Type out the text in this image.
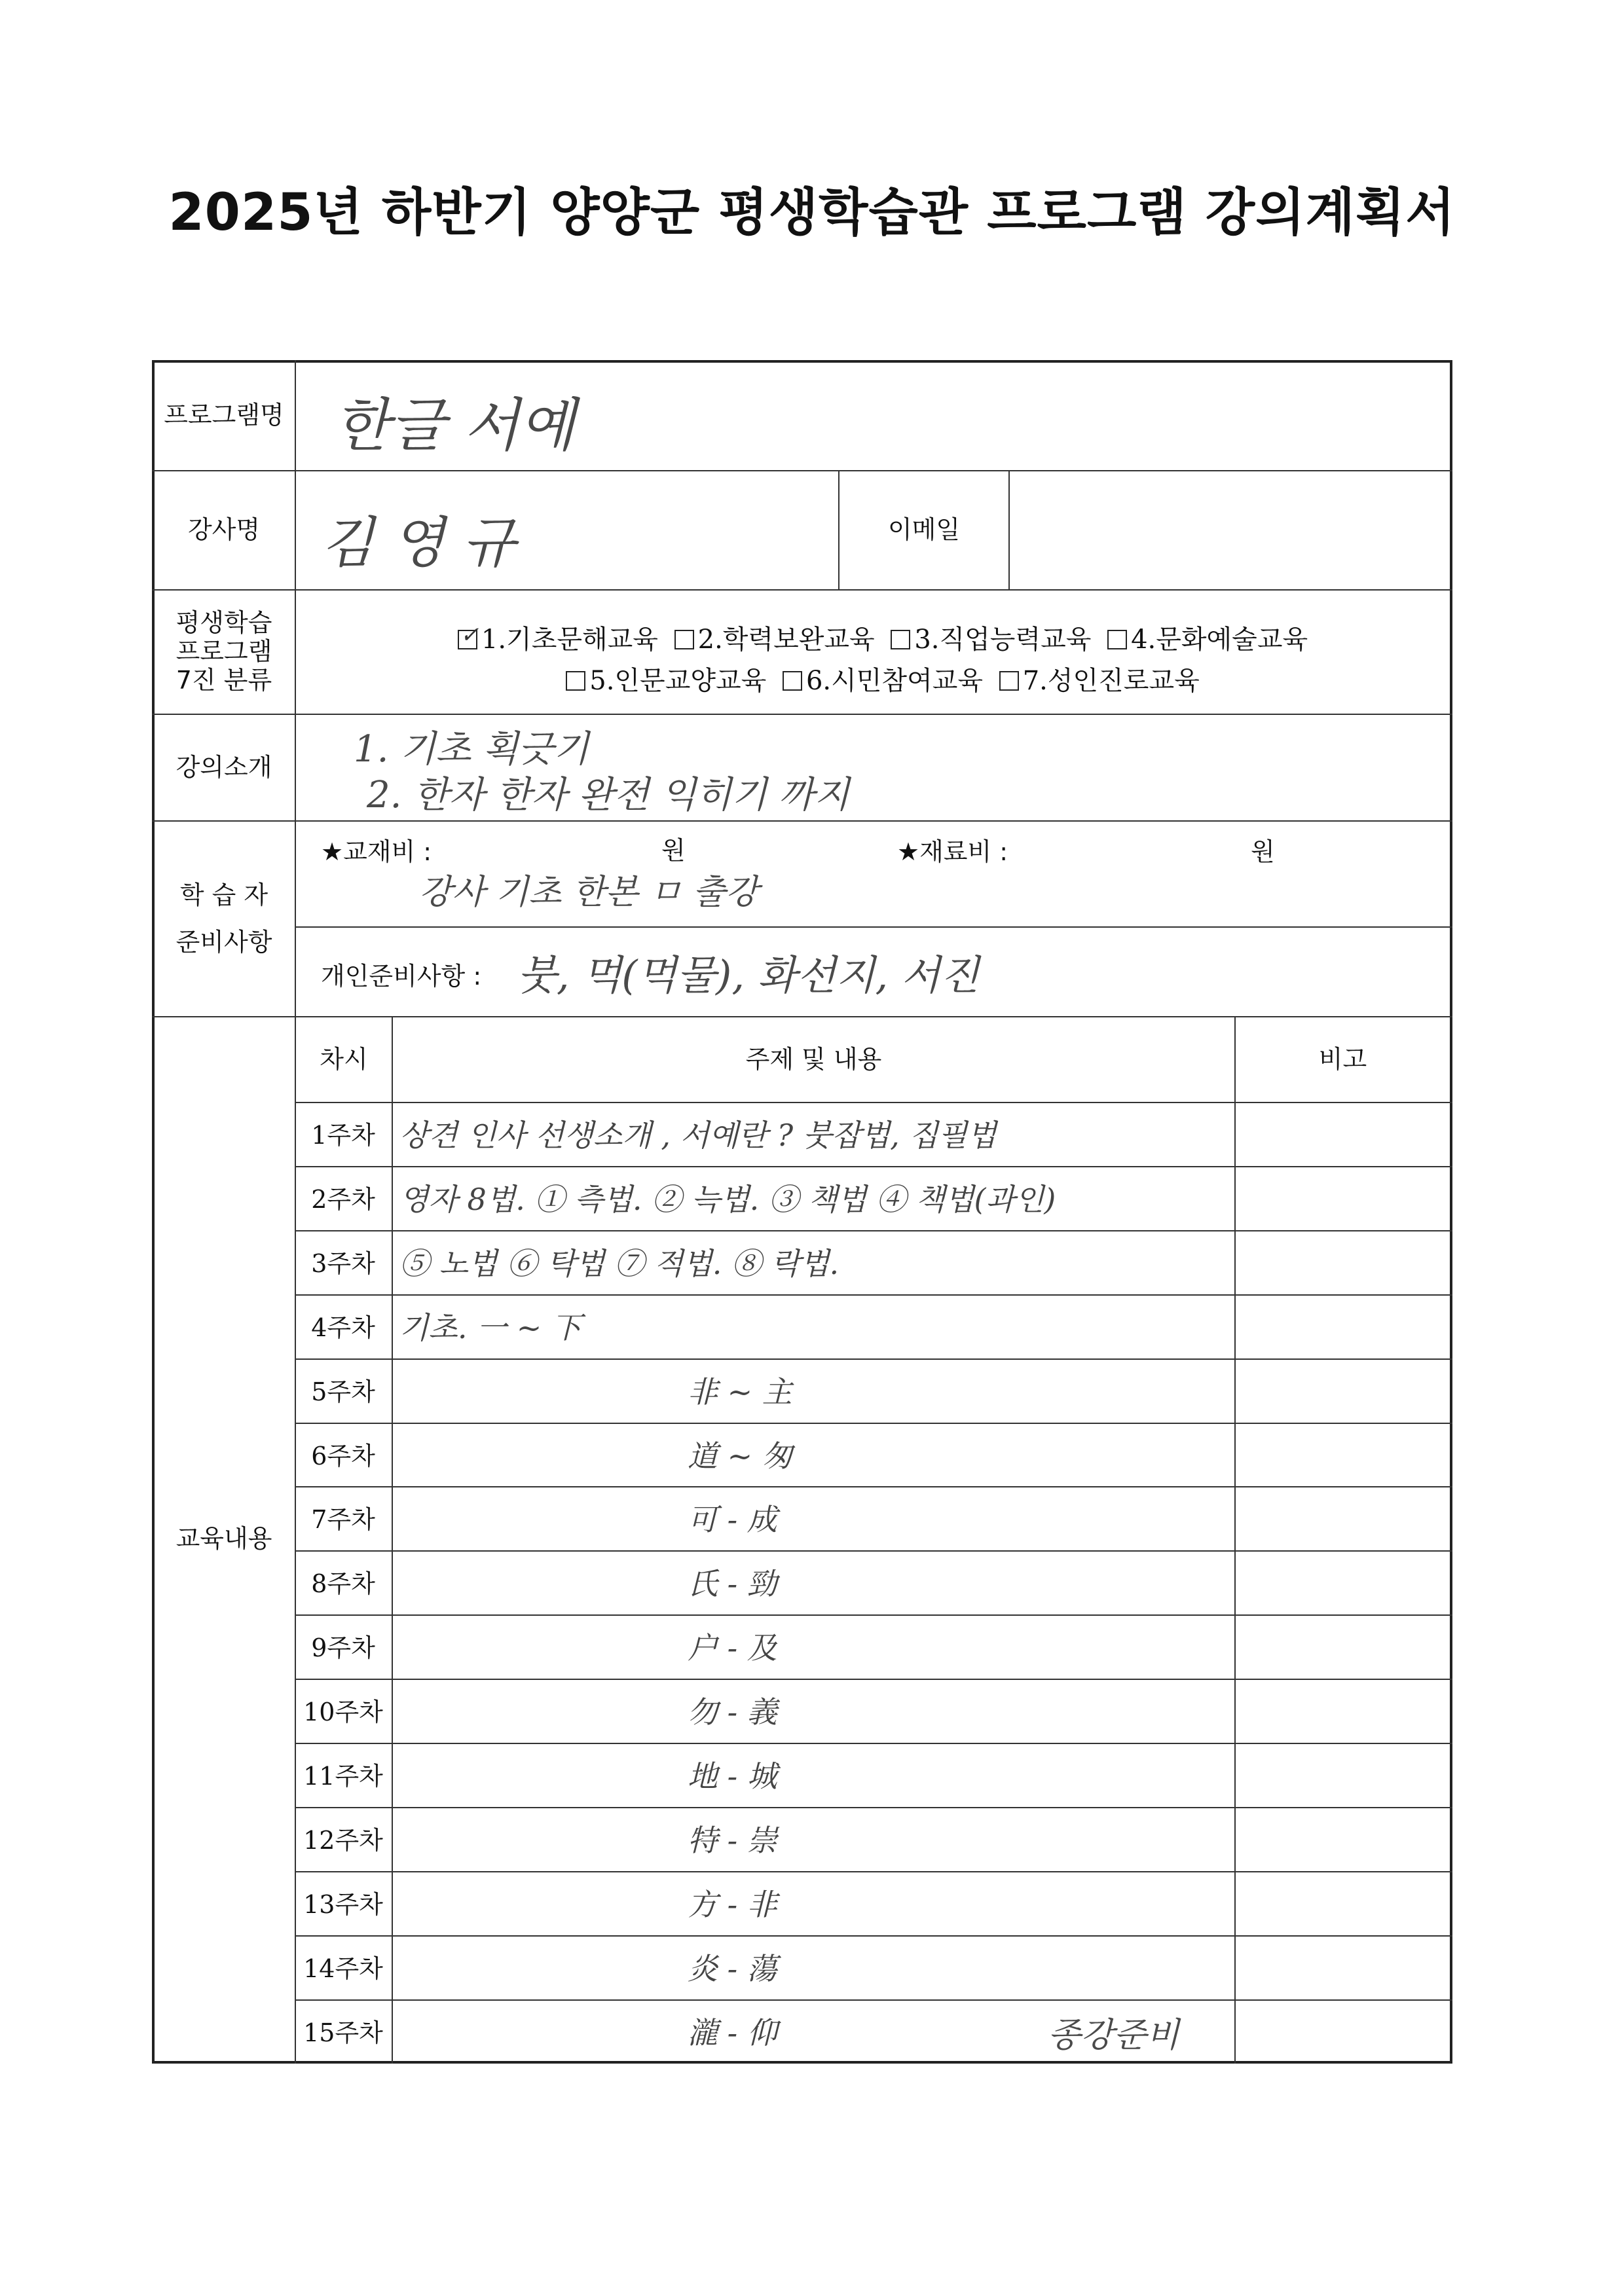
2025년 하반기 양양군 평생학습관 프로그램 강의계획서
프로그램명 한글 서예
강사명	김 영 규	이메일
평생학습
프로그램
7진 분류
✓1.기초문해교육 2.학력보완교육 3.직업능력교육 4.문화예술교육
5.인문교양교육 6.시민참여교육 7.성인진로교육
강의소개	1. 기초 획긋기
2. 한자 한자 완전 익히기 까지
학 습 자
준비사항
★교재비 :	원
강사 기초 한본 ㅁ 출강
★재료비 :	원
개인준비사항 : 붓, 먹(먹물), 화선지, 서진
교육내용
차시	주제 및 내용	비고
1주차 상견 인사 선생소개 , 서예란 ? 붓잡법, 집필법
2주차 영자 8법. ① 측법. ② 늑법. ③ 책법 ④ 책법(과인)
3주차 ⑤ 노법 ⑥ 탁법 ⑦ 적법. ⑧ 락법.
4주차 기초. 一 ~ 下
5주차	非 ~ 主
6주차	道 ~ 匆
7주차	可 - 成
8주차	氏 - 勁
9주차	户 - 及
10주차	勿 - 義
11주차	地 - 城
12주차	特 - 崇
13주차	方 - 非
14주차	炎 - 蕩
15주차	瀧 - 仰	종강준비
